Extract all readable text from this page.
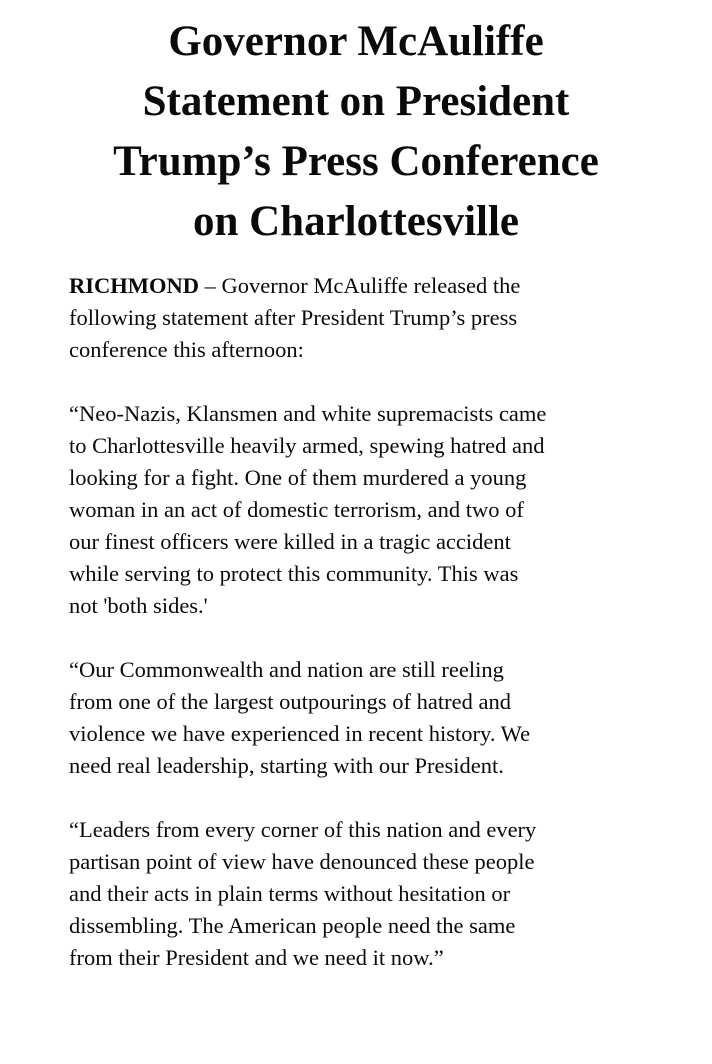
Governor McAuliffe
Statement on President
Trump’s Press Conference
on Charlottesville

RICHMOND – Governor McAuliffe released the
following statement after President Trump’s press
conference this afternoon:

“Neo-Nazis, Klansmen and white supremacists came
to Charlottesville heavily armed, spewing hatred and
looking for a fight. One of them murdered a young
woman in an act of domestic terrorism, and two of
our finest officers were killed in a tragic accident
while serving to protect this community. This was
not 'both sides.'

“Our Commonwealth and nation are still reeling
from one of the largest outpourings of hatred and
violence we have experienced in recent history. We
need real leadership, starting with our President.

“Leaders from every corner of this nation and every
partisan point of view have denounced these people
and their acts in plain terms without hesitation or
dissembling. The American people need the same
from their President and we need it now.”
